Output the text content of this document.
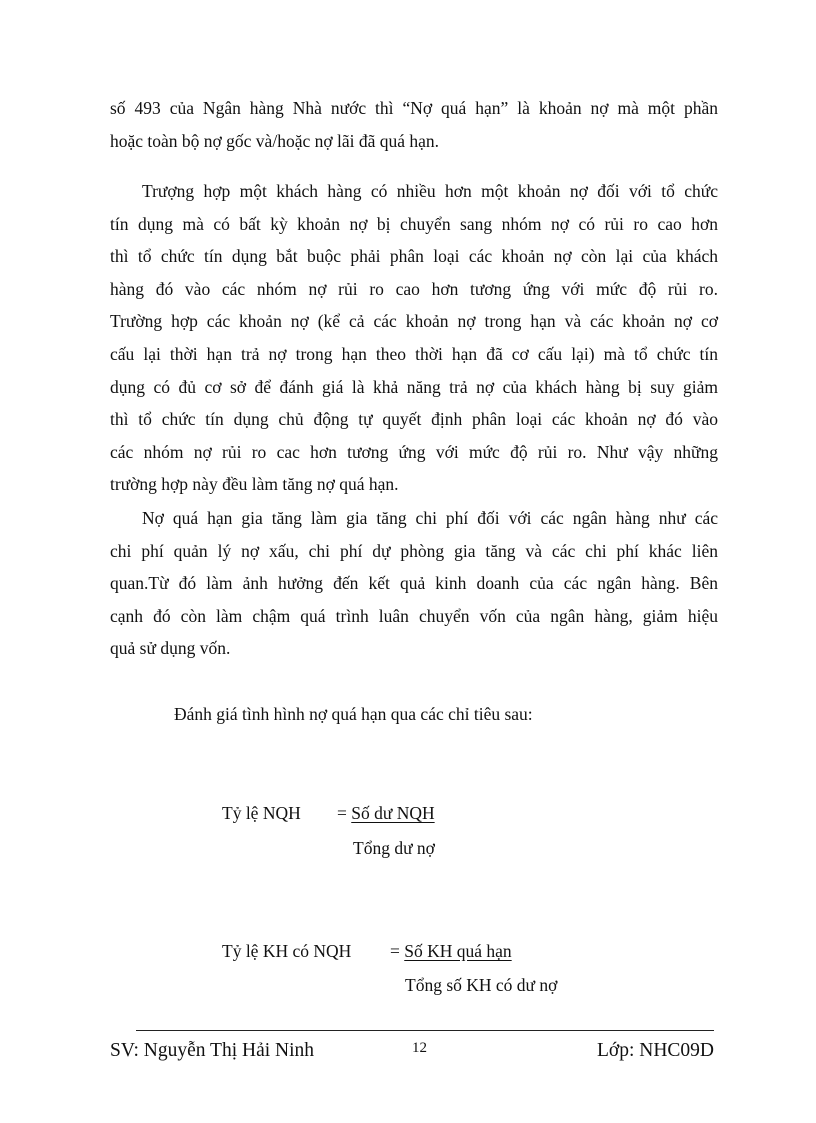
số 493 của Ngân hàng Nhà nước thì “Nợ quá hạn” là khoản nợ mà một phần
hoặc toàn bộ nợ gốc và/hoặc nợ lãi đã quá hạn.
Trượng hợp một khách hàng có nhiều hơn một khoản nợ đối với tổ chức
tín dụng mà có bất kỳ khoản nợ bị chuyển sang nhóm nợ có rủi ro cao hơn
thì tổ chức tín dụng bắt buộc phải phân loại các khoản nợ còn lại của khách
hàng đó vào các nhóm nợ rủi ro cao hơn tương ứng với mức độ rủi ro.
Trường hợp các khoản nợ (kể cả các khoản nợ trong hạn và các khoản nợ cơ
cấu lại thời hạn trả nợ trong hạn theo thời hạn đã cơ cấu lại) mà tổ chức tín
dụng có đủ cơ sở để đánh giá là khả năng trả nợ của khách hàng bị suy giảm
thì tổ chức tín dụng chủ động tự quyết định phân loại các khoản nợ đó vào
các nhóm nợ rủi ro cac hơn tương ứng với mức độ rủi ro. Như vậy những
trường hợp này đều làm tăng nợ quá hạn.
Nợ quá hạn gia tăng làm gia tăng chi phí đối với các ngân hàng như các
chi phí quản lý nợ xấu, chi phí dự phòng gia tăng và các chi phí khác liên
quan.Từ đó làm ảnh hưởng đến kết quả kinh doanh của các ngân hàng. Bên
cạnh đó còn làm chậm quá trình luân chuyển vốn của ngân hàng, giảm hiệu
quả sử dụng vốn.
Đánh giá tình hình nợ quá hạn qua các chỉ tiêu sau:
Tỷ lệ NQH = Số dư NQH
Tổng dư nợ
Tỷ lệ KH có NQH = Số KH quá hạn
Tổng số KH có dư nợ
SV: Nguyễn Thị Hải Ninh	12	Lớp: NHC09D
